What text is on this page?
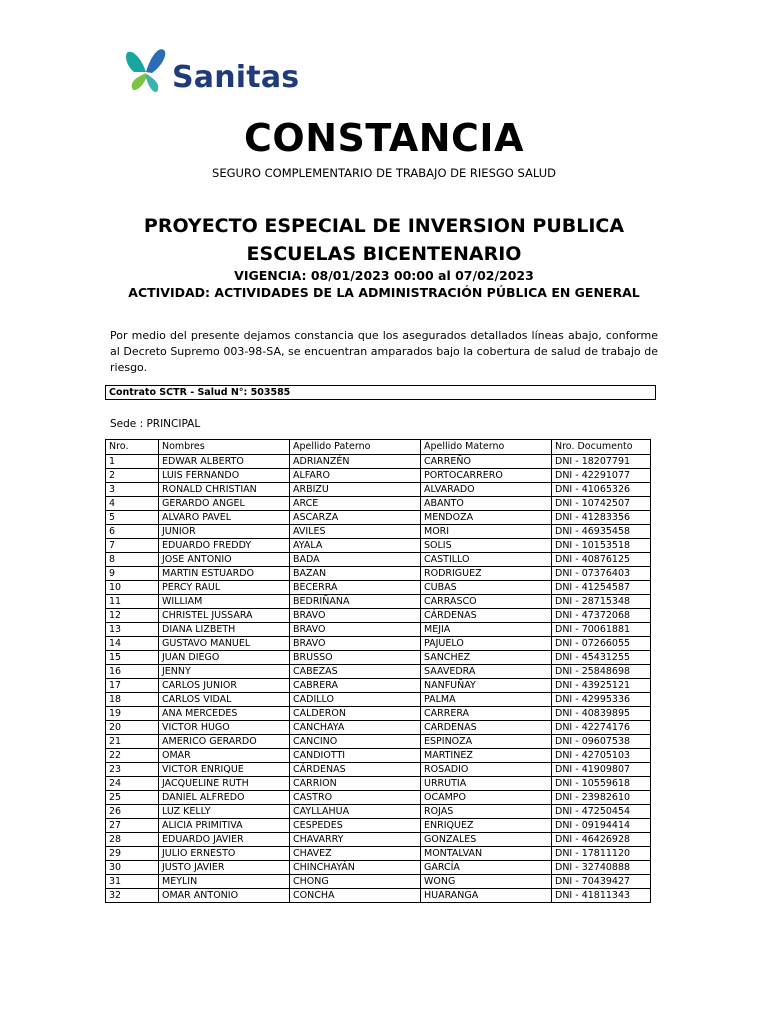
Sanitas
CONSTANCIA
SEGURO COMPLEMENTARIO DE TRABAJO DE RIESGO SALUD
PROYECTO ESPECIAL DE INVERSION PUBLICA ESCUELAS BICENTENARIO
VIGENCIA: 08/01/2023 00:00 al 07/02/2023
ACTIVIDAD: ACTIVIDADES DE LA ADMINISTRACIÓN PÚBLICA EN GENERAL
Por medio del presente dejamos constancia que los asegurados detallados líneas abajo, conforme al Decreto Supremo 003-98-SA, se encuentran amparados bajo la cobertura de salud de trabajo de riesgo.
Contrato SCTR - Salud N°: 503585
Sede : PRINCIPAL
Nro.	Nombres	Apellido Paterno	Apellido Materno	Nro. Documento
1	EDWAR ALBERTO	ADRIANZÉN	CARREÑO	DNI - 18207791
2	LUIS FERNANDO	ALFARO	PORTOCARRERO	DNI - 42291077
3	RONALD CHRISTIAN	ARBIZU	ALVARADO	DNI - 41065326
4	GERARDO ANGEL	ARCE	ABANTO	DNI - 10742507
5	ALVARO PAVEL	ASCARZA	MENDOZA	DNI - 41283356
6	JUNIOR	AVILES	MORI	DNI - 46935458
7	EDUARDO FREDDY	AYALA	SOLIS	DNI - 10153518
8	JOSE ANTONIO	BADA	CASTILLO	DNI - 40876125
9	MARTIN ESTUARDO	BAZAN	RODRIGUEZ	DNI - 07376403
10	PERCY RAUL	BECERRA	CUBAS	DNI - 41254587
11	WILLIAM	BEDRIÑANA	CARRASCO	DNI - 28715348
12	CHRISTEL JUSSARA	BRAVO	CÁRDENAS	DNI - 47372068
13	DIANA LIZBETH	BRAVO	MEJIA	DNI - 70061881
14	GUSTAVO MANUEL	BRAVO	PAJUELO	DNI - 07266055
15	JUAN DIEGO	BRUSSO	SANCHEZ	DNI - 45431255
16	JENNY	CABEZAS	SAAVEDRA	DNI - 25848698
17	CARLOS JUNIOR	CABRERA	NANFUÑAY	DNI - 43925121
18	CARLOS VIDAL	CADILLO	PALMA	DNI - 42995336
19	ANA MERCEDES	CALDERON	CARRERA	DNI - 40839895
20	VICTOR HUGO	CANCHAYA	CARDENAS	DNI - 42274176
21	AMERICO GERARDO	CANCINO	ESPINOZA	DNI - 09607538
22	OMAR	CANDIOTTI	MARTINEZ	DNI - 42705103
23	VICTOR ENRIQUE	CÁRDENAS	ROSADIO	DNI - 41909807
24	JACQUELINE RUTH	CARRION	URRUTIA	DNI - 10559618
25	DANIEL ALFREDO	CASTRO	OCAMPO	DNI - 23982610
26	LUZ KELLY	CAYLLAHUA	ROJAS	DNI - 47250454
27	ALICIA PRIMITIVA	CESPEDES	ENRIQUEZ	DNI - 09194414
28	EDUARDO JAVIER	CHAVARRY	GONZALES	DNI - 46426928
29	JULIO ERNESTO	CHAVEZ	MONTALVAN	DNI - 17811120
30	JUSTO JAVIER	CHINCHAYÁN	GARCÍA	DNI - 32740888
31	MEYLIN	CHONG	WONG	DNI - 70439427
32	OMAR ANTONIO	CONCHA	HUARANGA	DNI - 41811343
